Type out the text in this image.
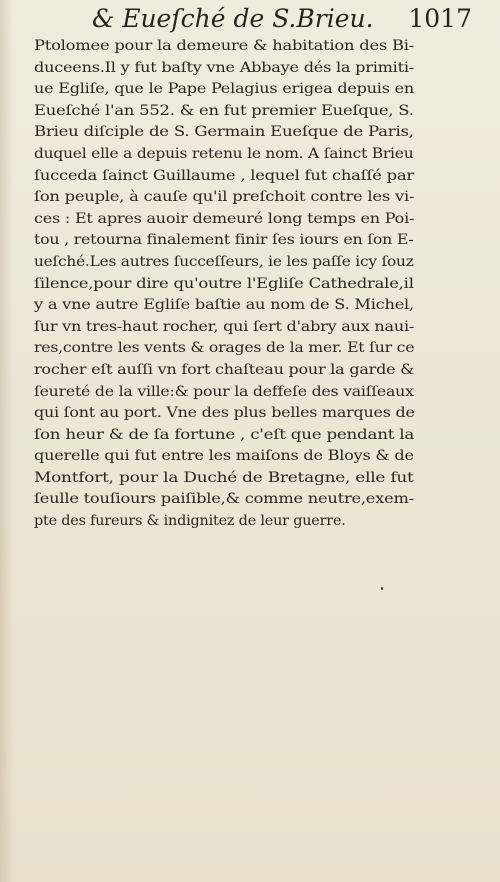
& Eueſché de S.Brieu. 1017
Ptolomee pour la demeure & habitation des Bi-
duceens.Il y fut baſty vne Abbaye dés la primiti-
ue Egliſe, que le Pape Pelagius erigea depuis en
Eueſché l'an 552. & en fut premier Eueſque, S.
Brieu diſciple de S. Germain Eueſque de Paris,
duquel elle a depuis retenu le nom. A ſainct Brieu
ſucceda ſainct Guillaume , lequel fut chaſſé par
ſon peuple, à cauſe qu'il preſchoit contre les vi-
ces : Et apres auoir demeuré long temps en Poi-
tou , retourna finalement finir ſes iours en ſon E-
ueſché.Les autres ſucceſſeurs, ie les paſſe icy ſouz
ſilence,pour dire qu'outre l'Egliſe Cathedrale,il
y a vne autre Egliſe baſtie au nom de S. Michel,
ſur vn tres-haut rocher, qui ſert d'abry aux naui-
res,contre les vents & orages de la mer. Et ſur ce
rocher eſt auſſi vn fort chaſteau pour la garde &
ſeureté de la ville:& pour la deffeſe des vaiſſeaux
qui ſont au port. Vne des plus belles marques de
ſon heur & de ſa fortune , c'eſt que pendant la
querelle qui fut entre les maiſons de Bloys & de
Montfort, pour la Duché de Bretagne, elle fut
ſeulle touſiours paiſible,& comme neutre,exem-
pte des fureurs & indignitez de leur guerre.
